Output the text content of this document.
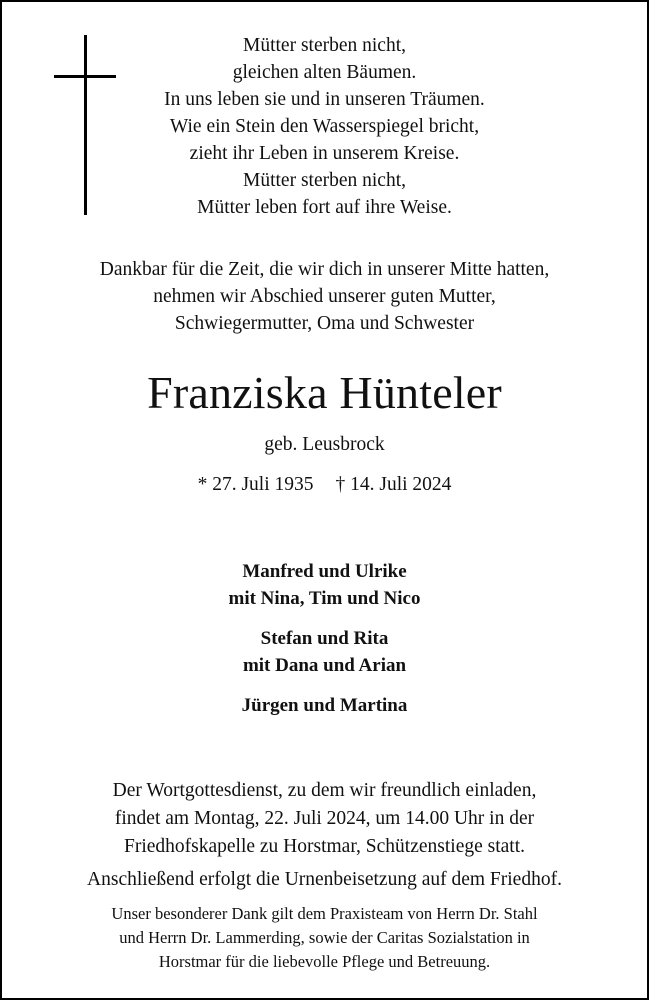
Mütter sterben nicht,
gleichen alten Bäumen.
In uns leben sie und in unseren Träumen.
Wie ein Stein den Wasserspiegel bricht,
zieht ihr Leben in unserem Kreise.
Mütter sterben nicht,
Mütter leben fort auf ihre Weise.
Dankbar für die Zeit, die wir dich in unserer Mitte hatten,
nehmen wir Abschied unserer guten Mutter,
Schwiegermutter, Oma und Schwester
Franziska Hünteler
geb. Leusbrock
* 27. Juli 1935 † 14. Juli 2024
Manfred und Ulrike
mit Nina, Tim und Nico
Stefan und Rita
mit Dana und Arian
Jürgen und Martina
Der Wortgottesdienst, zu dem wir freundlich einladen,
findet am Montag, 22. Juli 2024, um 14.00 Uhr in der
Friedhofskapelle zu Horstmar, Schützenstiege statt.
Anschließend erfolgt die Urnenbeisetzung auf dem Friedhof.
Unser besonderer Dank gilt dem Praxisteam von Herrn Dr. Stahl
und Herrn Dr. Lammerding, sowie der Caritas Sozialstation in
Horstmar für die liebevolle Pflege und Betreuung.
